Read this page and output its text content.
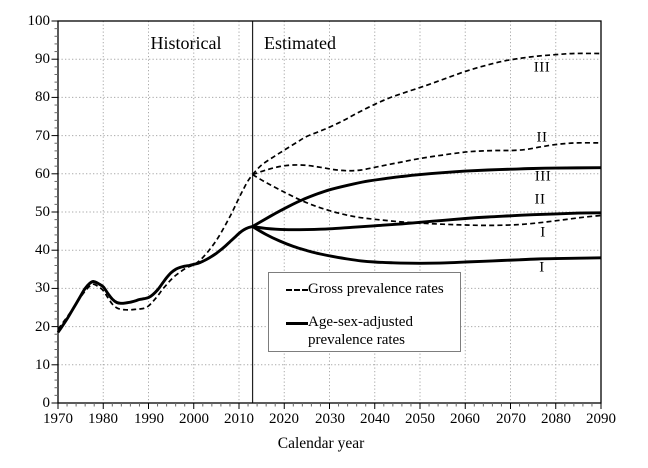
Historical	Estimated
Calendar year
Gross prevalence rates
Age-sex-adjusted
prevalence rates
1970	1980	1990	2000	2010	2020	2030	2040	2050	2060	2070	2080	2090
0
10
20
30
40
50
60
70
80
90
100
III
II
III
II
I
I
